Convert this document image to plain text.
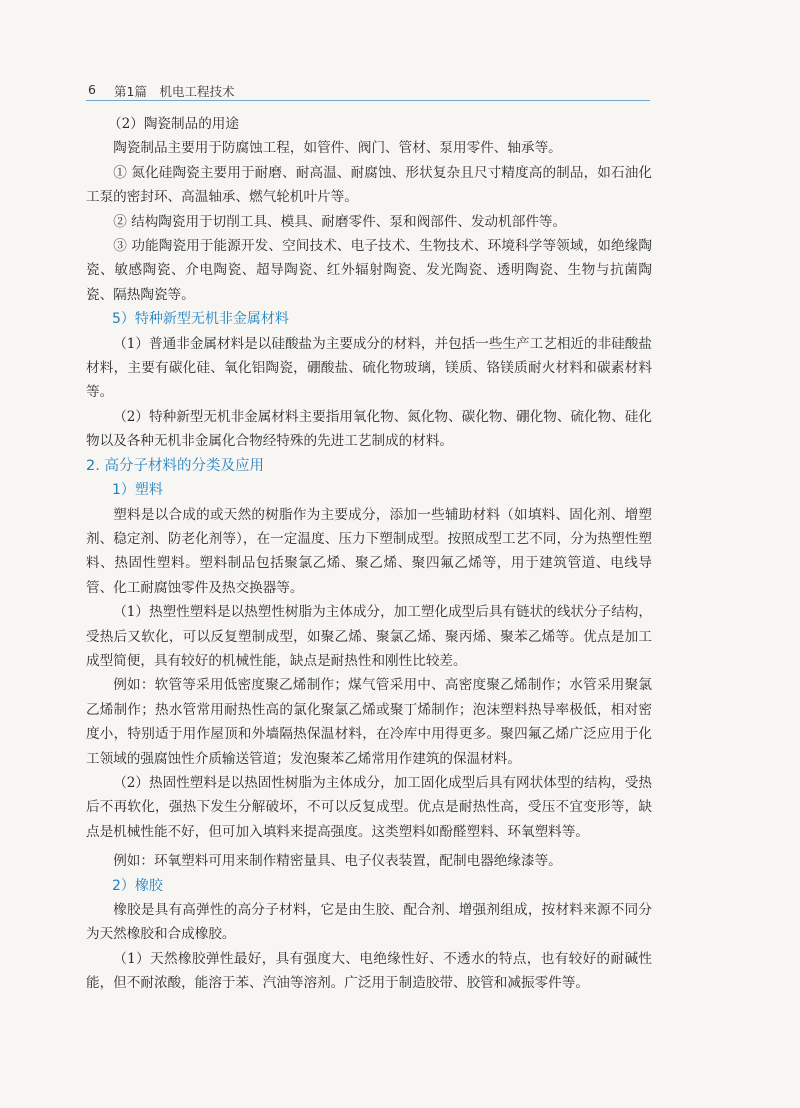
6 第1篇　机电工程技术

（2）陶瓷制品的用途

陶瓷制品主要用于防腐蚀工程，如管件、阀门、管材、泵用零件、轴承等。

① 氮化硅陶瓷主要用于耐磨、耐高温、耐腐蚀、形状复杂且尺寸精度高的制品，如石油化工泵的密封环、高温轴承、燃气轮机叶片等。

② 结构陶瓷用于切削工具、模具、耐磨零件、泵和阀部件、发动机部件等。

③ 功能陶瓷用于能源开发、空间技术、电子技术、生物技术、环境科学等领域，如绝缘陶瓷、敏感陶瓷、介电陶瓷、超导陶瓷、红外辐射陶瓷、发光陶瓷、透明陶瓷、生物与抗菌陶瓷、隔热陶瓷等。

5）特种新型无机非金属材料

（1）普通非金属材料是以硅酸盐为主要成分的材料，并包括一些生产工艺相近的非硅酸盐材料，主要有碳化硅、氧化铝陶瓷，硼酸盐、硫化物玻璃，镁质、铬镁质耐火材料和碳素材料等。

（2）特种新型无机非金属材料主要指用氧化物、氮化物、碳化物、硼化物、硫化物、硅化物以及各种无机非金属化合物经特殊的先进工艺制成的材料。

2. 高分子材料的分类及应用

1）塑料

塑料是以合成的或天然的树脂作为主要成分，添加一些辅助材料（如填料、固化剂、增塑剂、稳定剂、防老化剂等），在一定温度、压力下塑制成型。按照成型工艺不同，分为热塑性塑料、热固性塑料。塑料制品包括聚氯乙烯、聚乙烯、聚四氟乙烯等，用于建筑管道、电线导管、化工耐腐蚀零件及热交换器等。

（1）热塑性塑料是以热塑性树脂为主体成分，加工塑化成型后具有链状的线状分子结构，受热后又软化，可以反复塑制成型，如聚乙烯、聚氯乙烯、聚丙烯、聚苯乙烯等。优点是加工成型简便，具有较好的机械性能，缺点是耐热性和刚性比较差。

例如：软管等采用低密度聚乙烯制作；煤气管采用中、高密度聚乙烯制作；水管采用聚氯乙烯制作；热水管常用耐热性高的氯化聚氯乙烯或聚丁烯制作；泡沫塑料热导率极低，相对密度小，特别适于用作屋顶和外墙隔热保温材料，在冷库中用得更多。聚四氟乙烯广泛应用于化工领域的强腐蚀性介质输送管道；发泡聚苯乙烯常用作建筑的保温材料。

（2）热固性塑料是以热固性树脂为主体成分，加工固化成型后具有网状体型的结构，受热后不再软化，强热下发生分解破坏，不可以反复成型。优点是耐热性高，受压不宜变形等，缺点是机械性能不好，但可加入填料来提高强度。这类塑料如酚醛塑料、环氧塑料等。

例如：环氧塑料可用来制作精密量具、电子仪表装置，配制电器绝缘漆等。

2）橡胶

橡胶是具有高弹性的高分子材料，它是由生胶、配合剂、增强剂组成，按材料来源不同分为天然橡胶和合成橡胶。

（1）天然橡胶弹性最好，具有强度大、电绝缘性好、不透水的特点，也有较好的耐碱性能，但不耐浓酸，能溶于苯、汽油等溶剂。广泛用于制造胶带、胶管和减振零件等。
